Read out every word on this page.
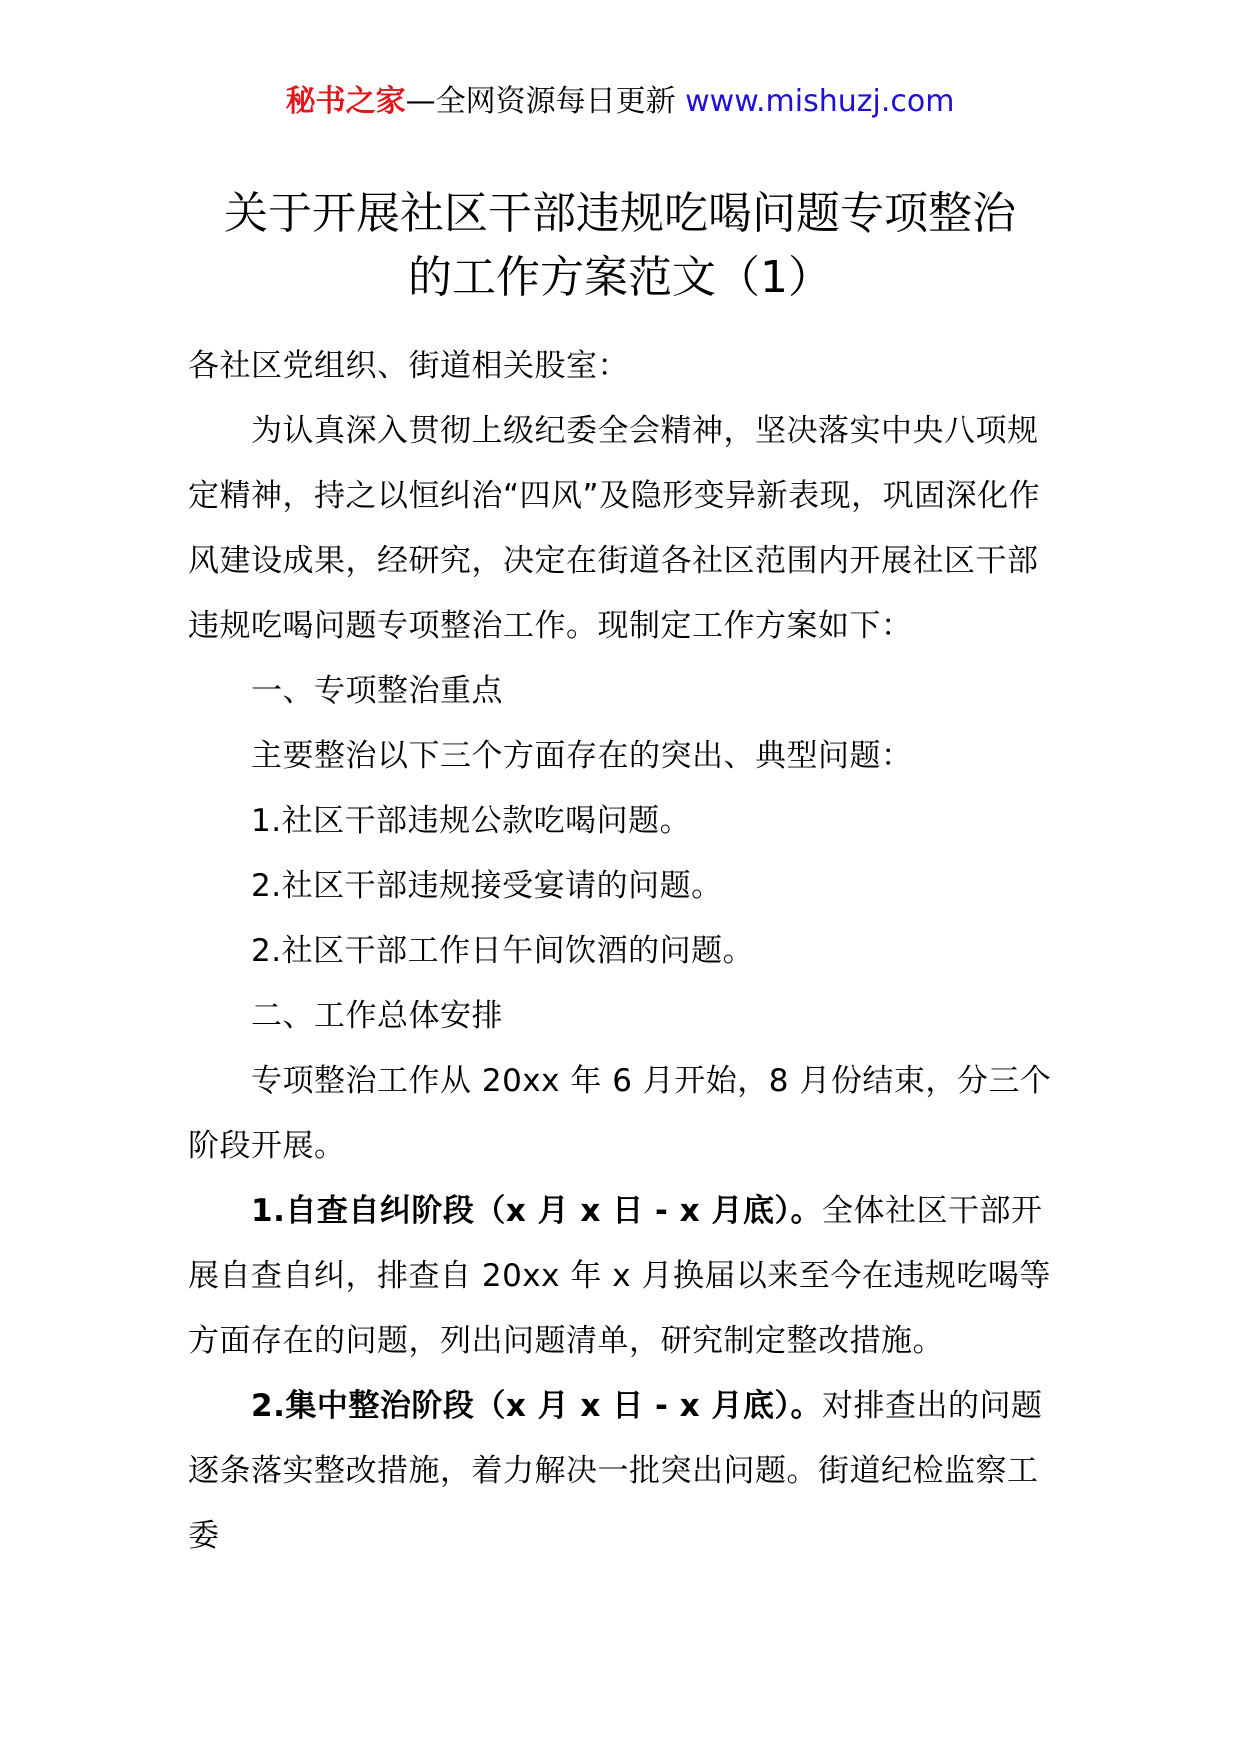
秘书之家—全网资源每日更新 www.mishuzj.com
关于开展社区干部违规吃喝问题专项整治
的工作方案范文（1）

各社区党组织、街道相关股室：

为认真深入贯彻上级纪委全会精神，坚决落实中央八项规定精神，持之以恒纠治“四风”及隐形变异新表现，巩固深化作风建设成果，经研究，决定在街道各社区范围内开展社区干部违规吃喝问题专项整治工作。现制定工作方案如下：

一、专项整治重点

主要整治以下三个方面存在的突出、典型问题：

1.社区干部违规公款吃喝问题。

2.社区干部违规接受宴请的问题。

2.社区干部工作日午间饮酒的问题。

二、工作总体安排

专项整治工作从 20xx 年 6 月开始，8 月份结束，分三个阶段开展。

1.自查自纠阶段（x 月 x 日 - x 月底）。全体社区干部开展自查自纠，排查自 20xx 年 x 月换届以来至今在违规吃喝等方面存在的问题，列出问题清单，研究制定整改措施。

2.集中整治阶段（x 月 x 日 - x 月底）。对排查出的问题逐条落实整改措施，着力解决一批突出问题。街道纪检监察工委
